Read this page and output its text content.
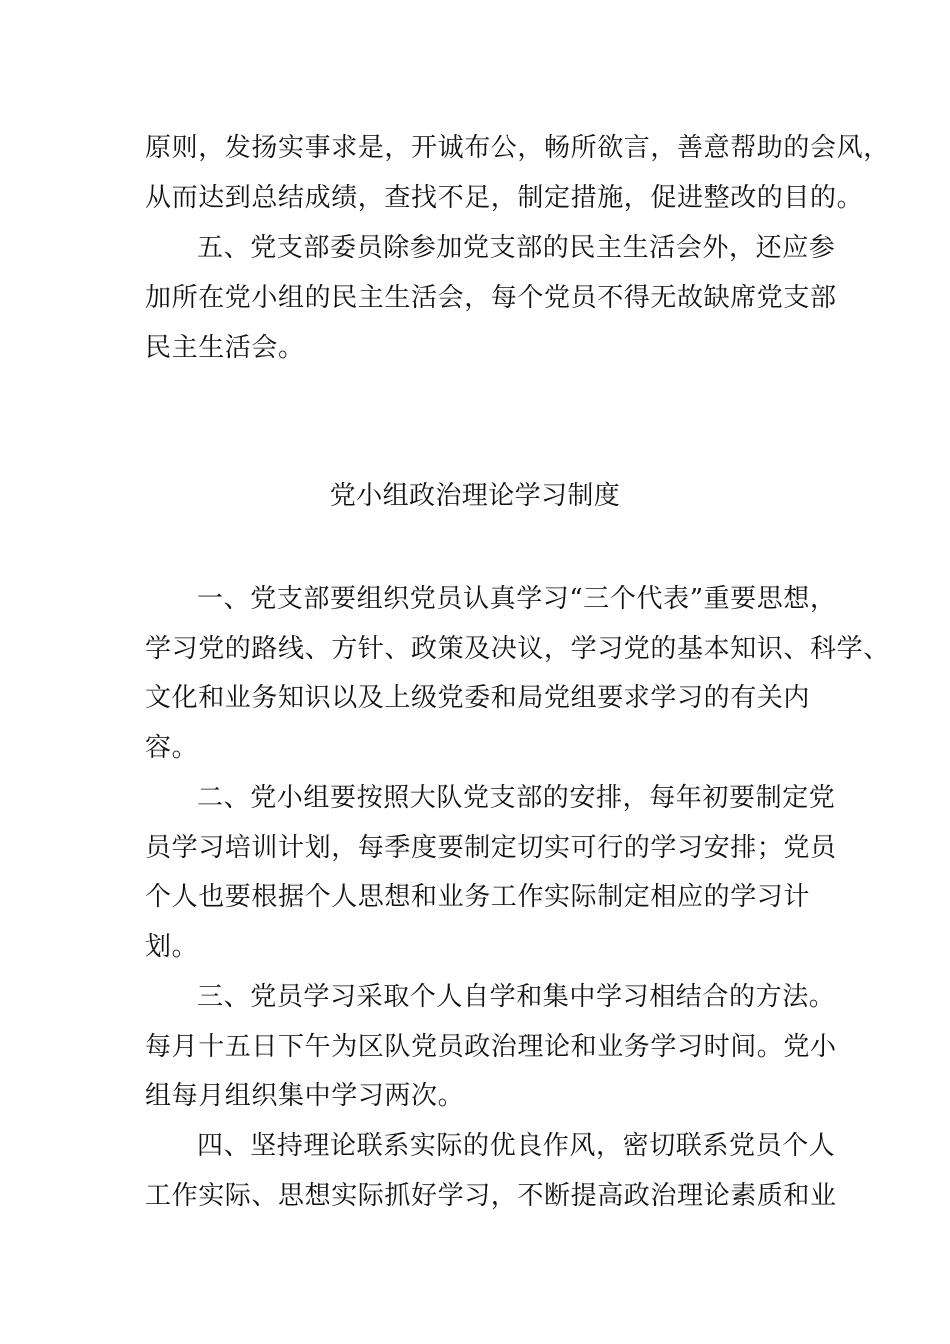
原则，发扬实事求是，开诚布公，畅所欲言，善意帮助的会风，
从而达到总结成绩，查找不足，制定措施，促进整改的目的。
五、党支部委员除参加党支部的民主生活会外，还应参
加所在党小组的民主生活会，每个党员不得无故缺席党支部
民主生活会。
党小组政治理论学习制度
一、党支部要组织党员认真学习“三个代表”重要思想，
学习党的路线、方针、政策及决议，学习党的基本知识、科学、
文化和业务知识以及上级党委和局党组要求学习的有关内
容。
二、党小组要按照大队党支部的安排，每年初要制定党
员学习培训计划，每季度要制定切实可行的学习安排；党员
个人也要根据个人思想和业务工作实际制定相应的学习计
划。
三、党员学习采取个人自学和集中学习相结合的方法。
每月十五日下午为区队党员政治理论和业务学习时间。党小
组每月组织集中学习两次。
四、坚持理论联系实际的优良作风，密切联系党员个人
工作实际、思想实际抓好学习，不断提高政治理论素质和业
